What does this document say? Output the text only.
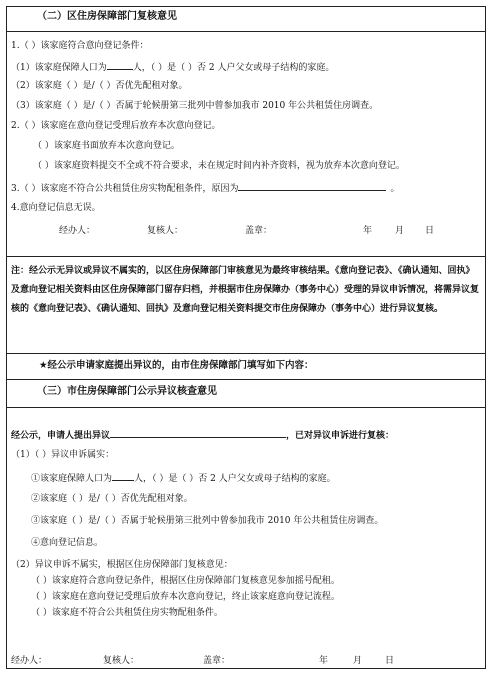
（二）区住房保障部门复核意见
1.（ ）该家庭符合意向登记条件：
（1）该家庭保障人口为	人，（ ）是（ ）否 2 人户父女或母子结构的家庭。
（2）该家庭（ ）是/（ ）否优先配租对象。
（3）该家庭（ ）是/（ ）否属于轮候册第三批列中曾参加我市 2010 年公共租赁住房调查。
2.（ ）该家庭在意向登记受理后放弃本次意向登记。
（ ）该家庭书面放弃本次意向登记。
（ ）该家庭资料提交不全或不符合要求，未在规定时间内补齐资料，视为放弃本次意向登记。
3.（ ）该家庭不符合公共租赁住房实物配租条件，原因为	。
4.意向登记信息无误。
经办人：	复核人：	盖章：	年	月 日
注：经公示无异议或异议不属实的，以区住房保障部门审核意见为最终审核结果。《意向登记表》、《确认通知、回执》及意向登记相关资料由区住房保障部门留存归档，并根据市住房保障办（事务中心）受理的异议申诉情况，将需异议复核的《意向登记表》、《确认通知、回执》及意向登记相关资料提交市住房保障办（事务中心）进行异议复核。
★经公示申请家庭提出异议的，由市住房保障部门填写如下内容：
（三）市住房保障部门公示异议核查意见
经公示，申请人提出异议	，已对异议申诉进行复核：
（1）（ ）异议申诉属实：
①该家庭保障人口为 人，（ ）是（ ）否 2 人户父女或母子结构的家庭。
②该家庭（ ）是/（ ）否优先配租对象。
③该家庭（ ）是/（ ）否属于轮候册第三批列中曾参加我市 2010 年公共租赁住房调查。
④意向登记信息。
（2）异议申诉不属实，根据区住房保障部门复核意见：
（ ）该家庭符合意向登记条件，根据区住房保障部门复核意见参加摇号配租。
（ ）该家庭在意向登记受理后放弃本次意向登记，终止该家庭意向登记流程。
（ ）该家庭不符合公共租赁住房实物配租条件。
经办人：	复核人：	盖章：	年	月	日
